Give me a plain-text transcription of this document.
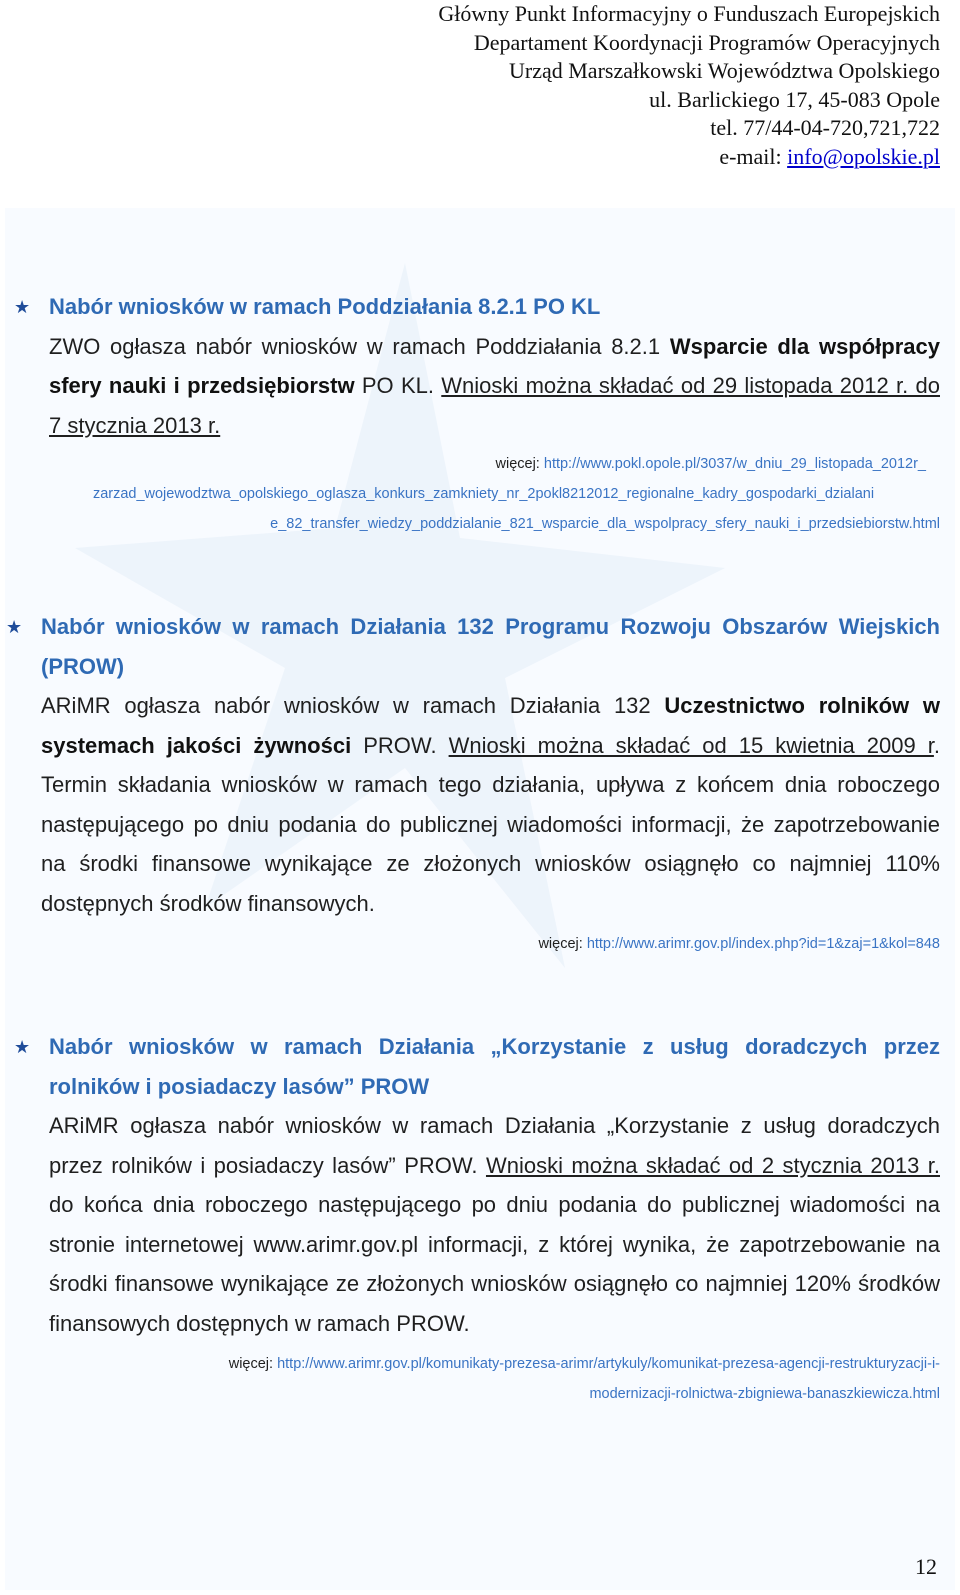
Główny Punkt Informacyjny o Funduszach Europejskich
Departament Koordynacji Programów Operacyjnych
Urząd Marszałkowski Województwa Opolskiego
ul. Barlickiego 17, 45-083 Opole
tel. 77/44-04-720,721,722
e-mail: info@opolskie.pl
★ Nabór wniosków w ramach Poddziałania 8.2.1 PO KL
ZWO ogłasza nabór wniosków w ramach Poddziałania 8.2.1 Wsparcie dla współpracy sfery nauki i przedsiębiorstw PO KL. Wnioski można składać od 29 listopada 2012 r. do 7 stycznia 2013 r.
więcej: http://www.pokl.opole.pl/3037/w_dniu_29_listopada_2012r_
zarzad_wojewodztwa_opolskiego_oglasza_konkurs_zamkniety_nr_2pokl8212012_regionalne_kadry_gospodarki_dzialani
e_82_transfer_wiedzy_poddzialanie_821_wsparcie_dla_wspolpracy_sfery_nauki_i_przedsiebiorstw.html
★ Nabór wniosków w ramach Działania 132 Programu Rozwoju Obszarów Wiejskich (PROW)
ARiMR ogłasza nabór wniosków w ramach Działania 132 Uczestnictwo rolników w systemach jakości żywności PROW. Wnioski można składać od 15 kwietnia 2009 r. Termin składania wniosków w ramach tego działania, upływa z końcem dnia roboczego następującego po dniu podania do publicznej wiadomości informacji, że zapotrzebowanie na środki finansowe wynikające ze złożonych wniosków osiągnęło co najmniej 110% dostępnych środków finansowych.
więcej: http://www.arimr.gov.pl/index.php?id=1&zaj=1&kol=848
★ Nabór wniosków w ramach Działania „Korzystanie z usług doradczych przez rolników i posiadaczy lasów” PROW
ARiMR ogłasza nabór wniosków w ramach Działania „Korzystanie z usług doradczych przez rolników i posiadaczy lasów” PROW. Wnioski można składać od 2 stycznia 2013 r. do końca dnia roboczego następującego po dniu podania do publicznej wiadomości na stronie internetowej www.arimr.gov.pl informacji, z której wynika, że zapotrzebowanie na środki finansowe wynikające ze złożonych wniosków osiągnęło co najmniej 120% środków finansowych dostępnych w ramach PROW.
więcej: http://www.arimr.gov.pl/komunikaty-prezesa-arimr/artykuly/komunikat-prezesa-agencji-restrukturyzacji-i-
modernizacji-rolnictwa-zbigniewa-banaszkiewicza.html
12
